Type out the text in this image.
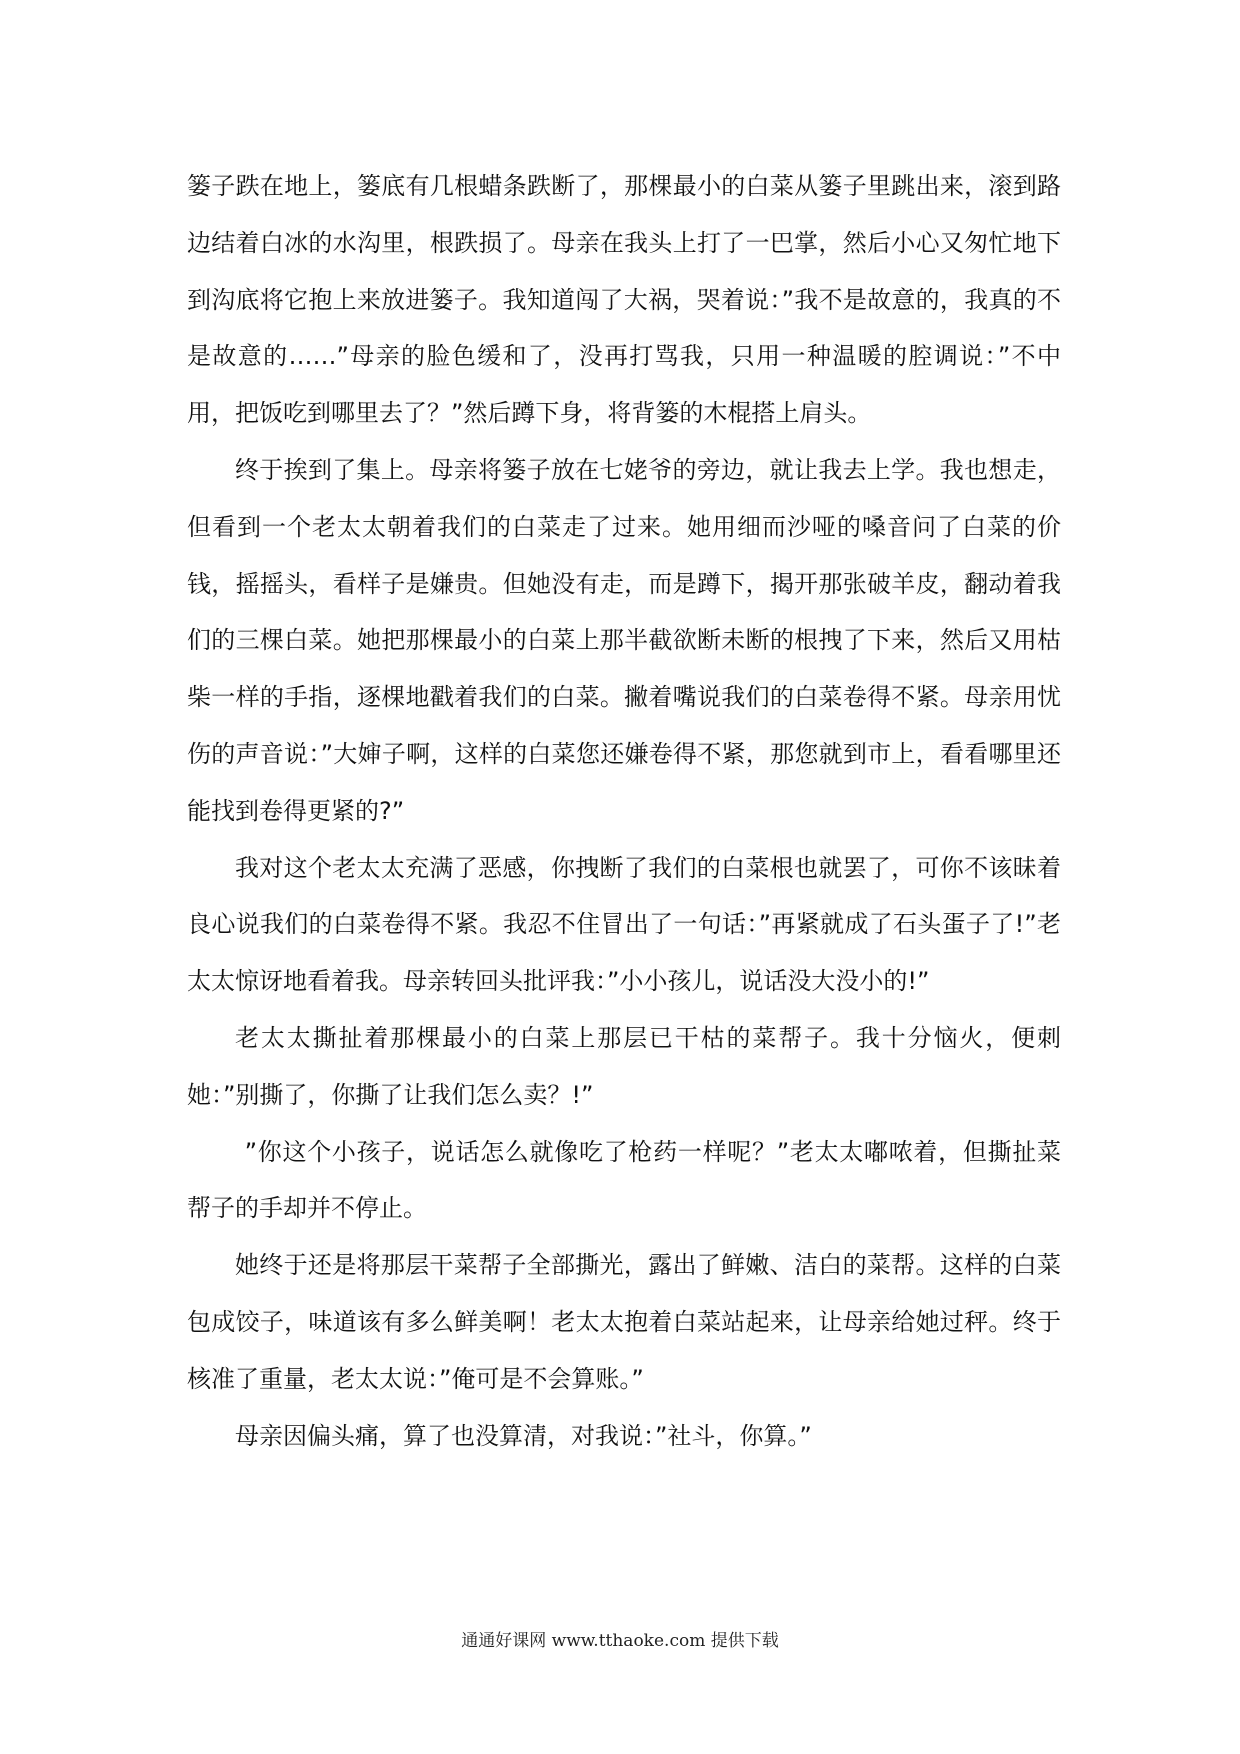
篓子跌在地上，篓底有几根蜡条跌断了，那棵最小的白菜从篓子里跳出来，滚到路边结着白冰的水沟里，根跌损了。母亲在我头上打了一巴掌，然后小心又匆忙地下到沟底将它抱上来放进篓子。我知道闯了大祸，哭着说：”我不是故意的，我真的不是故意的……”母亲的脸色缓和了，没再打骂我，只用一种温暖的腔调说：”不中用，把饭吃到哪里去了？”然后蹲下身，将背篓的木棍搭上肩头。

终于挨到了集上。母亲将篓子放在七姥爷的旁边，就让我去上学。我也想走，但看到一个老太太朝着我们的白菜走了过来。她用细而沙哑的嗓音问了白菜的价钱，摇摇头，看样子是嫌贵。但她没有走，而是蹲下，揭开那张破羊皮，翻动着我们的三棵白菜。她把那棵最小的白菜上那半截欲断未断的根拽了下来，然后又用枯柴一样的手指，逐棵地戳着我们的白菜。撇着嘴说我们的白菜卷得不紧。母亲用忧伤的声音说：”大婶子啊，这样的白菜您还嫌卷得不紧，那您就到市上，看看哪里还能找到卷得更紧的?”

我对这个老太太充满了恶感，你拽断了我们的白菜根也就罢了，可你不该昧着良心说我们的白菜卷得不紧。我忍不住冒出了一句话：”再紧就成了石头蛋子了!”老太太惊讶地看着我。母亲转回头批评我：”小小孩儿，说话没大没小的!”

老太太撕扯着那棵最小的白菜上那层已干枯的菜帮子。我十分恼火，便刺她：”别撕了，你撕了让我们怎么卖？!”

”你这个小孩子，说话怎么就像吃了枪药一样呢？”老太太嘟哝着，但撕扯菜帮子的手却并不停止。

她终于还是将那层干菜帮子全部撕光，露出了鲜嫩、洁白的菜帮。这样的白菜包成饺子，味道该有多么鲜美啊！老太太抱着白菜站起来，让母亲给她过秤。终于核准了重量，老太太说：”俺可是不会算账。”

母亲因偏头痛，算了也没算清，对我说：”社斗，你算。”

通通好课网 www.tthaoke.com 提供下载
